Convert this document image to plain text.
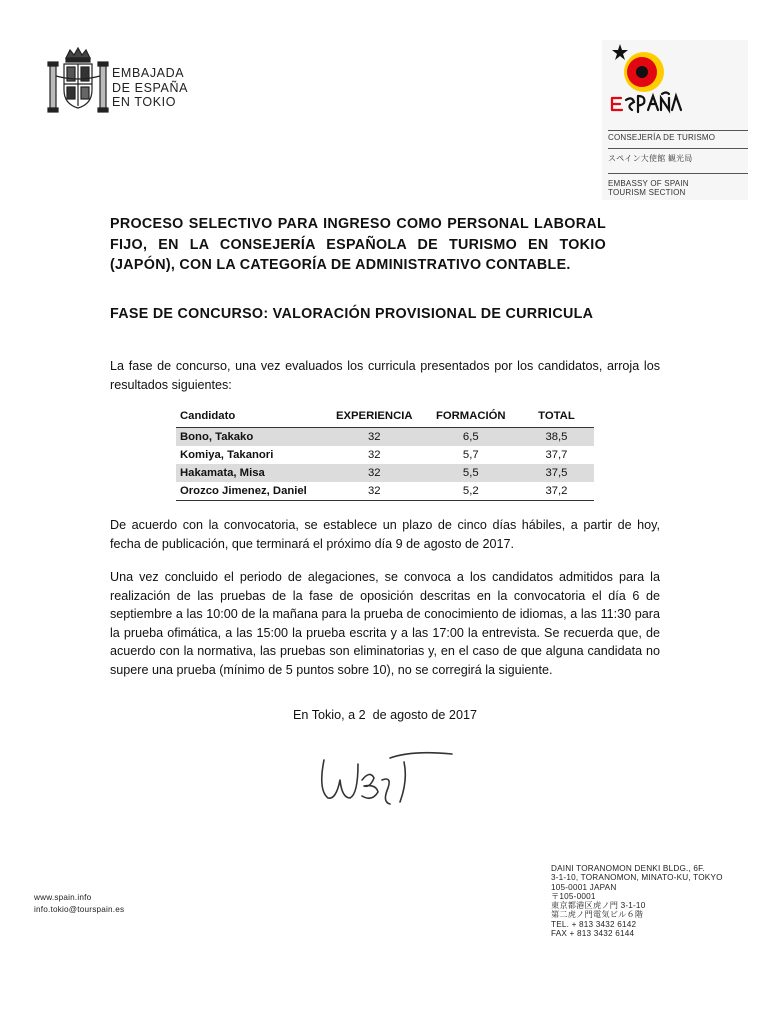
EMBAJADA
DE ESPAÑA
EN TOKIO
CONSEJERÍA DE TURISMO
スペイン大使館 観光局
EMBASSY OF SPAIN
TOURISM SECTION
PROCESO SELECTIVO PARA INGRESO COMO PERSONAL LABORAL FIJO, EN LA CONSEJERÍA ESPAÑOLA DE TURISMO EN TOKIO (JAPÓN), CON LA CATEGORÍA DE ADMINISTRATIVO CONTABLE.
FASE DE CONCURSO: VALORACIÓN PROVISIONAL DE CURRICULA
La fase de concurso, una vez evaluados los curricula presentados por los candidatos, arroja los resultados siguientes:
Candidato	EXPERIENCIA	FORMACIÓN	TOTAL
Bono, Takako	32	6,5	38,5
Komiya, Takanori	32	5,7	37,7
Hakamata, Misa	32	5,5	37,5
Orozco Jimenez, Daniel	32	5,2	37,2
De acuerdo con la convocatoria, se establece un plazo de cinco días hábiles, a partir de hoy, fecha de publicación, que terminará el próximo día 9 de agosto de 2017.
Una vez concluido el periodo de alegaciones, se convoca a los candidatos admitidos para la realización de las pruebas de la fase de oposición descritas en la convocatoria el día 6 de septiembre a las 10:00 de la mañana para la prueba de conocimiento de idiomas, a las 11:30 para la prueba ofimática, a las 15:00 la prueba escrita y a las 17:00 la entrevista. Se recuerda que, de acuerdo con la normativa, las pruebas son eliminatorias y, en el caso de que alguna candidata no supere una prueba (mínimo de 5 puntos sobre 10), no se corregirá la siguiente.
En Tokio, a 2  de agosto de 2017
www.spain.info
info.tokio@tourspain.es
DAINI TORANOMON DENKI BLDG., 6F.
3-1-10, TORANOMON, MINATO-KU, TOKYO
105-0001 JAPAN
〒105-0001
東京都港区虎ノ門 3-1-10
第二虎ノ門電気ビル６階
TEL. + 813 3432 6142
FAX + 813 3432 6144
